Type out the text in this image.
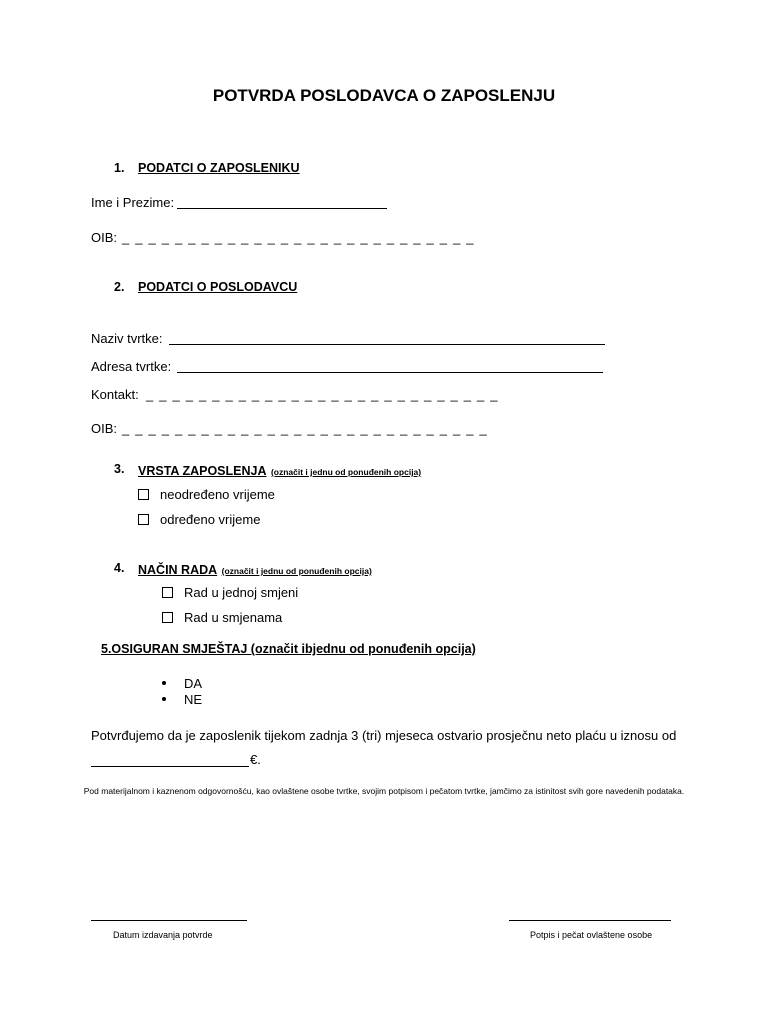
POTVRDA POSLODAVCA O ZAPOSLENJU
1. PODATCI O ZAPOSLENIKU
Ime i Prezime:
OIB: _ _ _ _ _ _ _ _ _ _ _ _ _ _ _ _ _ _ _ _ _ _ _ _ _ _ _
2. PODATCI O POSLODAVCU
Naziv tvrtke:
Adresa tvrtke:
Kontakt: _ _ _ _ _ _ _ _ _ _ _ _ _ _ _ _ _ _ _ _ _ _ _ _ _ _ _
OIB: _ _ _ _ _ _ _ _ _ _ _ _ _ _ _ _ _ _ _ _ _ _ _ _ _ _ _ _
3. VRSTA ZAPOSLENJA (označit i jednu od ponuđenih opcija)
neodređeno vrijeme
određeno vrijeme
4. NAČIN RADA (označit i jednu od ponuđenih opcija)
Rad u jednoj smjeni
Rad u smjenama
5.OSIGURAN SMJEŠTAJ (označit ibjednu od ponuđenih opcija)
DA
NE
Potvrđujemo da je zaposlenik tijekom zadnja 3 (tri) mjeseca ostvario prosječnu neto plaću u iznosu od
€.
Pod materijalnom i kaznenom odgovornošću, kao ovlaštene osobe tvrtke, svojim potpisom i pečatom tvrtke, jamčimo za istinitost svih gore navedenih podataka.
Datum izdavanja potvrde	Potpis i pečat ovlaštene osobe
